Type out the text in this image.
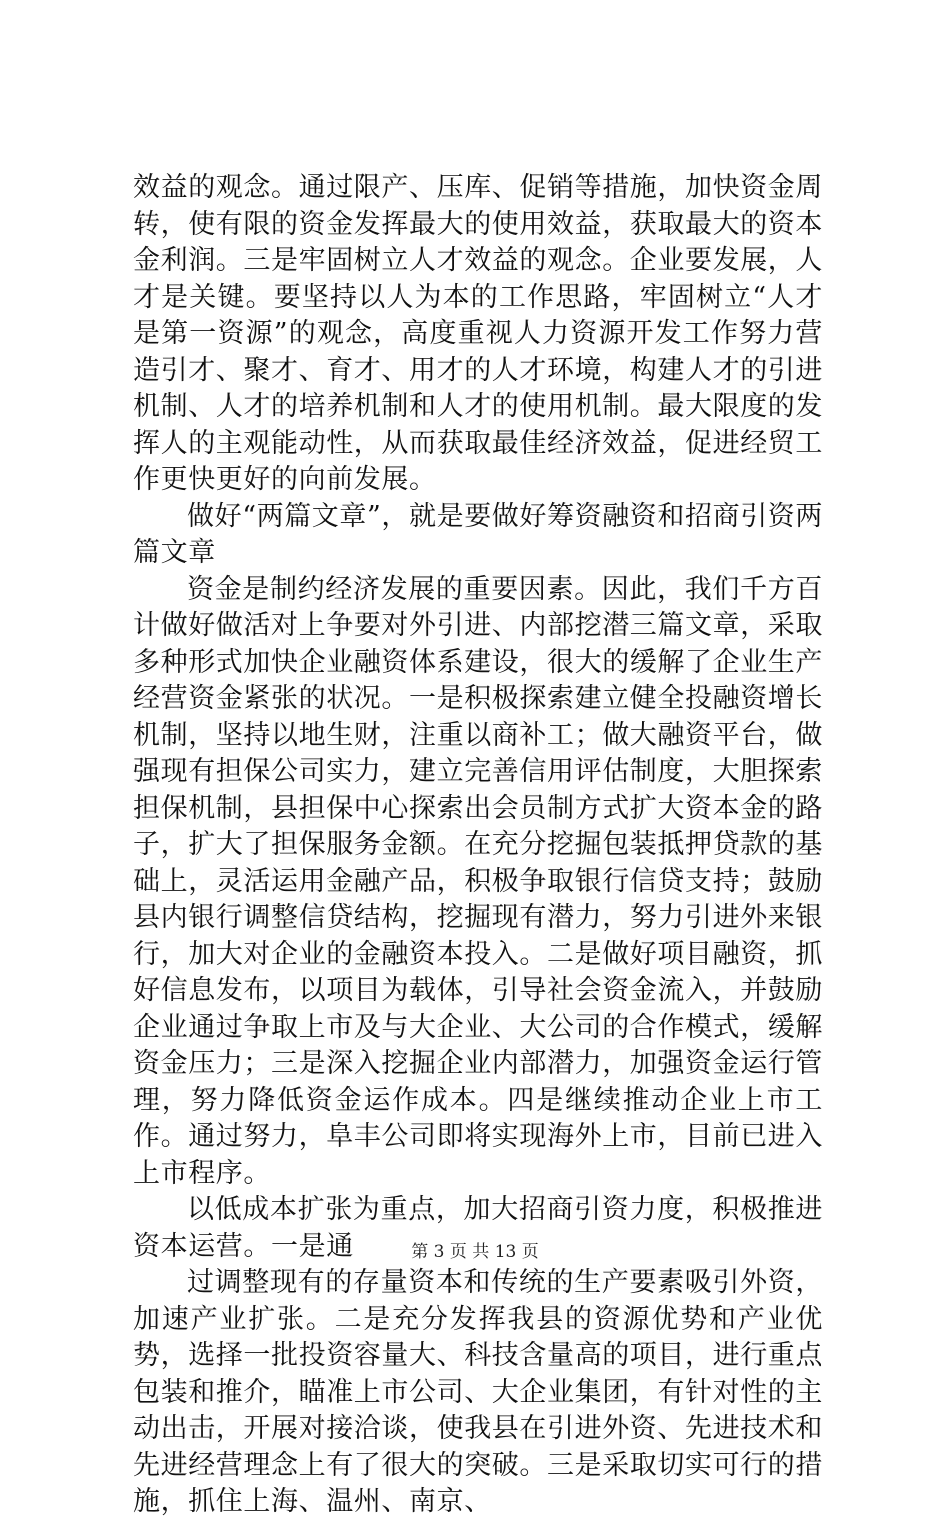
效益的观念。通过限产、压库、促销等措施，加快资金周转，使有限的资金发挥最大的使用效益，获取最大的资本金利润。三是牢固树立人才效益的观念。企业要发展，人才是关键。要坚持以人为本的工作思路，牢固树立“人才是第一资源”的观念，高度重视人力资源开发工作努力营造引才、聚才、育才、用才的人才环境，构建人才的引进机制、人才的培养机制和人才的使用机制。最大限度的发挥人的主观能动性，从而获取最佳经济效益，促进经贸工作更快更好的向前发展。

做好“两篇文章”，就是要做好筹资融资和招商引资两篇文章

资金是制约经济发展的重要因素。因此，我们千方百计做好做活对上争要对外引进、内部挖潜三篇文章，采取多种形式加快企业融资体系建设，很大的缓解了企业生产经营资金紧张的状况。一是积极探索建立健全投融资增长机制，坚持以地生财，注重以商补工；做大融资平台，做强现有担保公司实力，建立完善信用评估制度，大胆探索担保机制，县担保中心探索出会员制方式扩大资本金的路子，扩大了担保服务金额。在充分挖掘包装抵押贷款的基础上，灵活运用金融产品，积极争取银行信贷支持；鼓励县内银行调整信贷结构，挖掘现有潜力，努力引进外来银行，加大对企业的金融资本投入。二是做好项目融资，抓好信息发布，以项目为载体，引导社会资金流入，并鼓励企业通过争取上市及与大企业、大公司的合作模式，缓解资金压力；三是深入挖掘企业内部潜力，加强资金运行管理，努力降低资金运作成本。四是继续推动企业上市工作。通过努力，阜丰公司即将实现海外上市，目前已进入上市程序。

以低成本扩张为重点，加大招商引资力度，积极推进资本运营。一是通

过调整现有的存量资本和传统的生产要素吸引外资，加速产业扩张。二是充分发挥我县的资源优势和产业优势，选择一批投资容量大、科技含量高的项目，进行重点包装和推介，瞄准上市公司、大企业集团，有针对性的主动出击，开展对接洽谈，使我县在引进外资、先进技术和先进经营理念上有了很大的突破。三是采取切实可行的措施，抓住上海、温州、南京、

第 3 页 共 13 页
